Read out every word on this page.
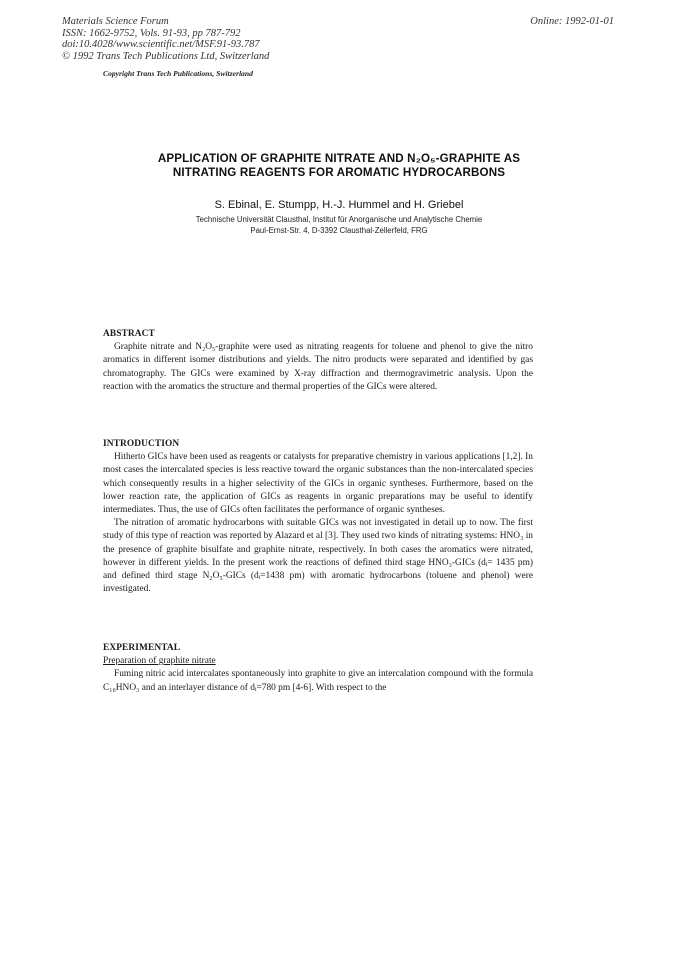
Materials Science Forum
ISSN: 1662-9752, Vols. 91-93, pp 787-792
doi:10.4028/www.scientific.net/MSF.91-93.787
© 1992 Trans Tech Publications Ltd, Switzerland
Online: 1992-01-01
Copyright Trans Tech Publications, Switzerland
APPLICATION OF GRAPHITE NITRATE AND N₂O₅-GRAPHITE AS
NITRATING REAGENTS FOR AROMATIC HYDROCARBONS
S. Ebinal, E. Stumpp, H.-J. Hummel and H. Griebel
Technische Universität Clausthal, Institut für Anorganische und Analytische Chemie
Paul-Ernst-Str. 4, D-3392 Clausthal-Zellerfeld, FRG
ABSTRACT
Graphite nitrate and N₂O₅-graphite were used as nitrating reagents for toluene and phenol to give the nitro aromatics in different isomer distributions and yields. The nitro products were separated and identified by gas chromatography. The GICs were examined by X-ray diffraction and thermogravimetric analysis. Upon the reaction with the aromatics the structure and thermal properties of the GICs were altered.
INTRODUCTION
Hitherto GICs have been used as reagents or catalysts for preparative chemistry in various applications [1,2]. In most cases the intercalated species is less reactive toward the organic substances than the non-intercalated species which consequently results in a higher selectivity of the GICs in organic syntheses. Furthermore, based on the lower reaction rate, the application of GICs as reagents in organic preparations may be useful to identify intermediates. Thus, the use of GICs often facilitates the performance of organic syntheses.
The nitration of aromatic hydrocarbons with suitable GICs was not investigated in detail up to now. The first study of this type of reaction was reported by Alazard et al [3]. They used two kinds of nitrating systems: HNO₃ in the presence of graphite bisulfate and graphite nitrate, respectively. In both cases the aromatics were nitrated, however in different yields. In the present work the reactions of defined third stage HNO₃-GICs (dᵢ= 1435 pm) and defined third stage N₂O₅-GICs (dᵢ=1438 pm) with aromatic hydrocarbons (toluene and phenol) were investigated.
EXPERIMENTAL
Preparation of graphite nitrate
Fuming nitric acid intercalates spontaneously into graphite to give an intercalation compound with the formula C₁₀HNO₃ and an interlayer distance of dᵢ=780 pm [4-6]. With respect to the
